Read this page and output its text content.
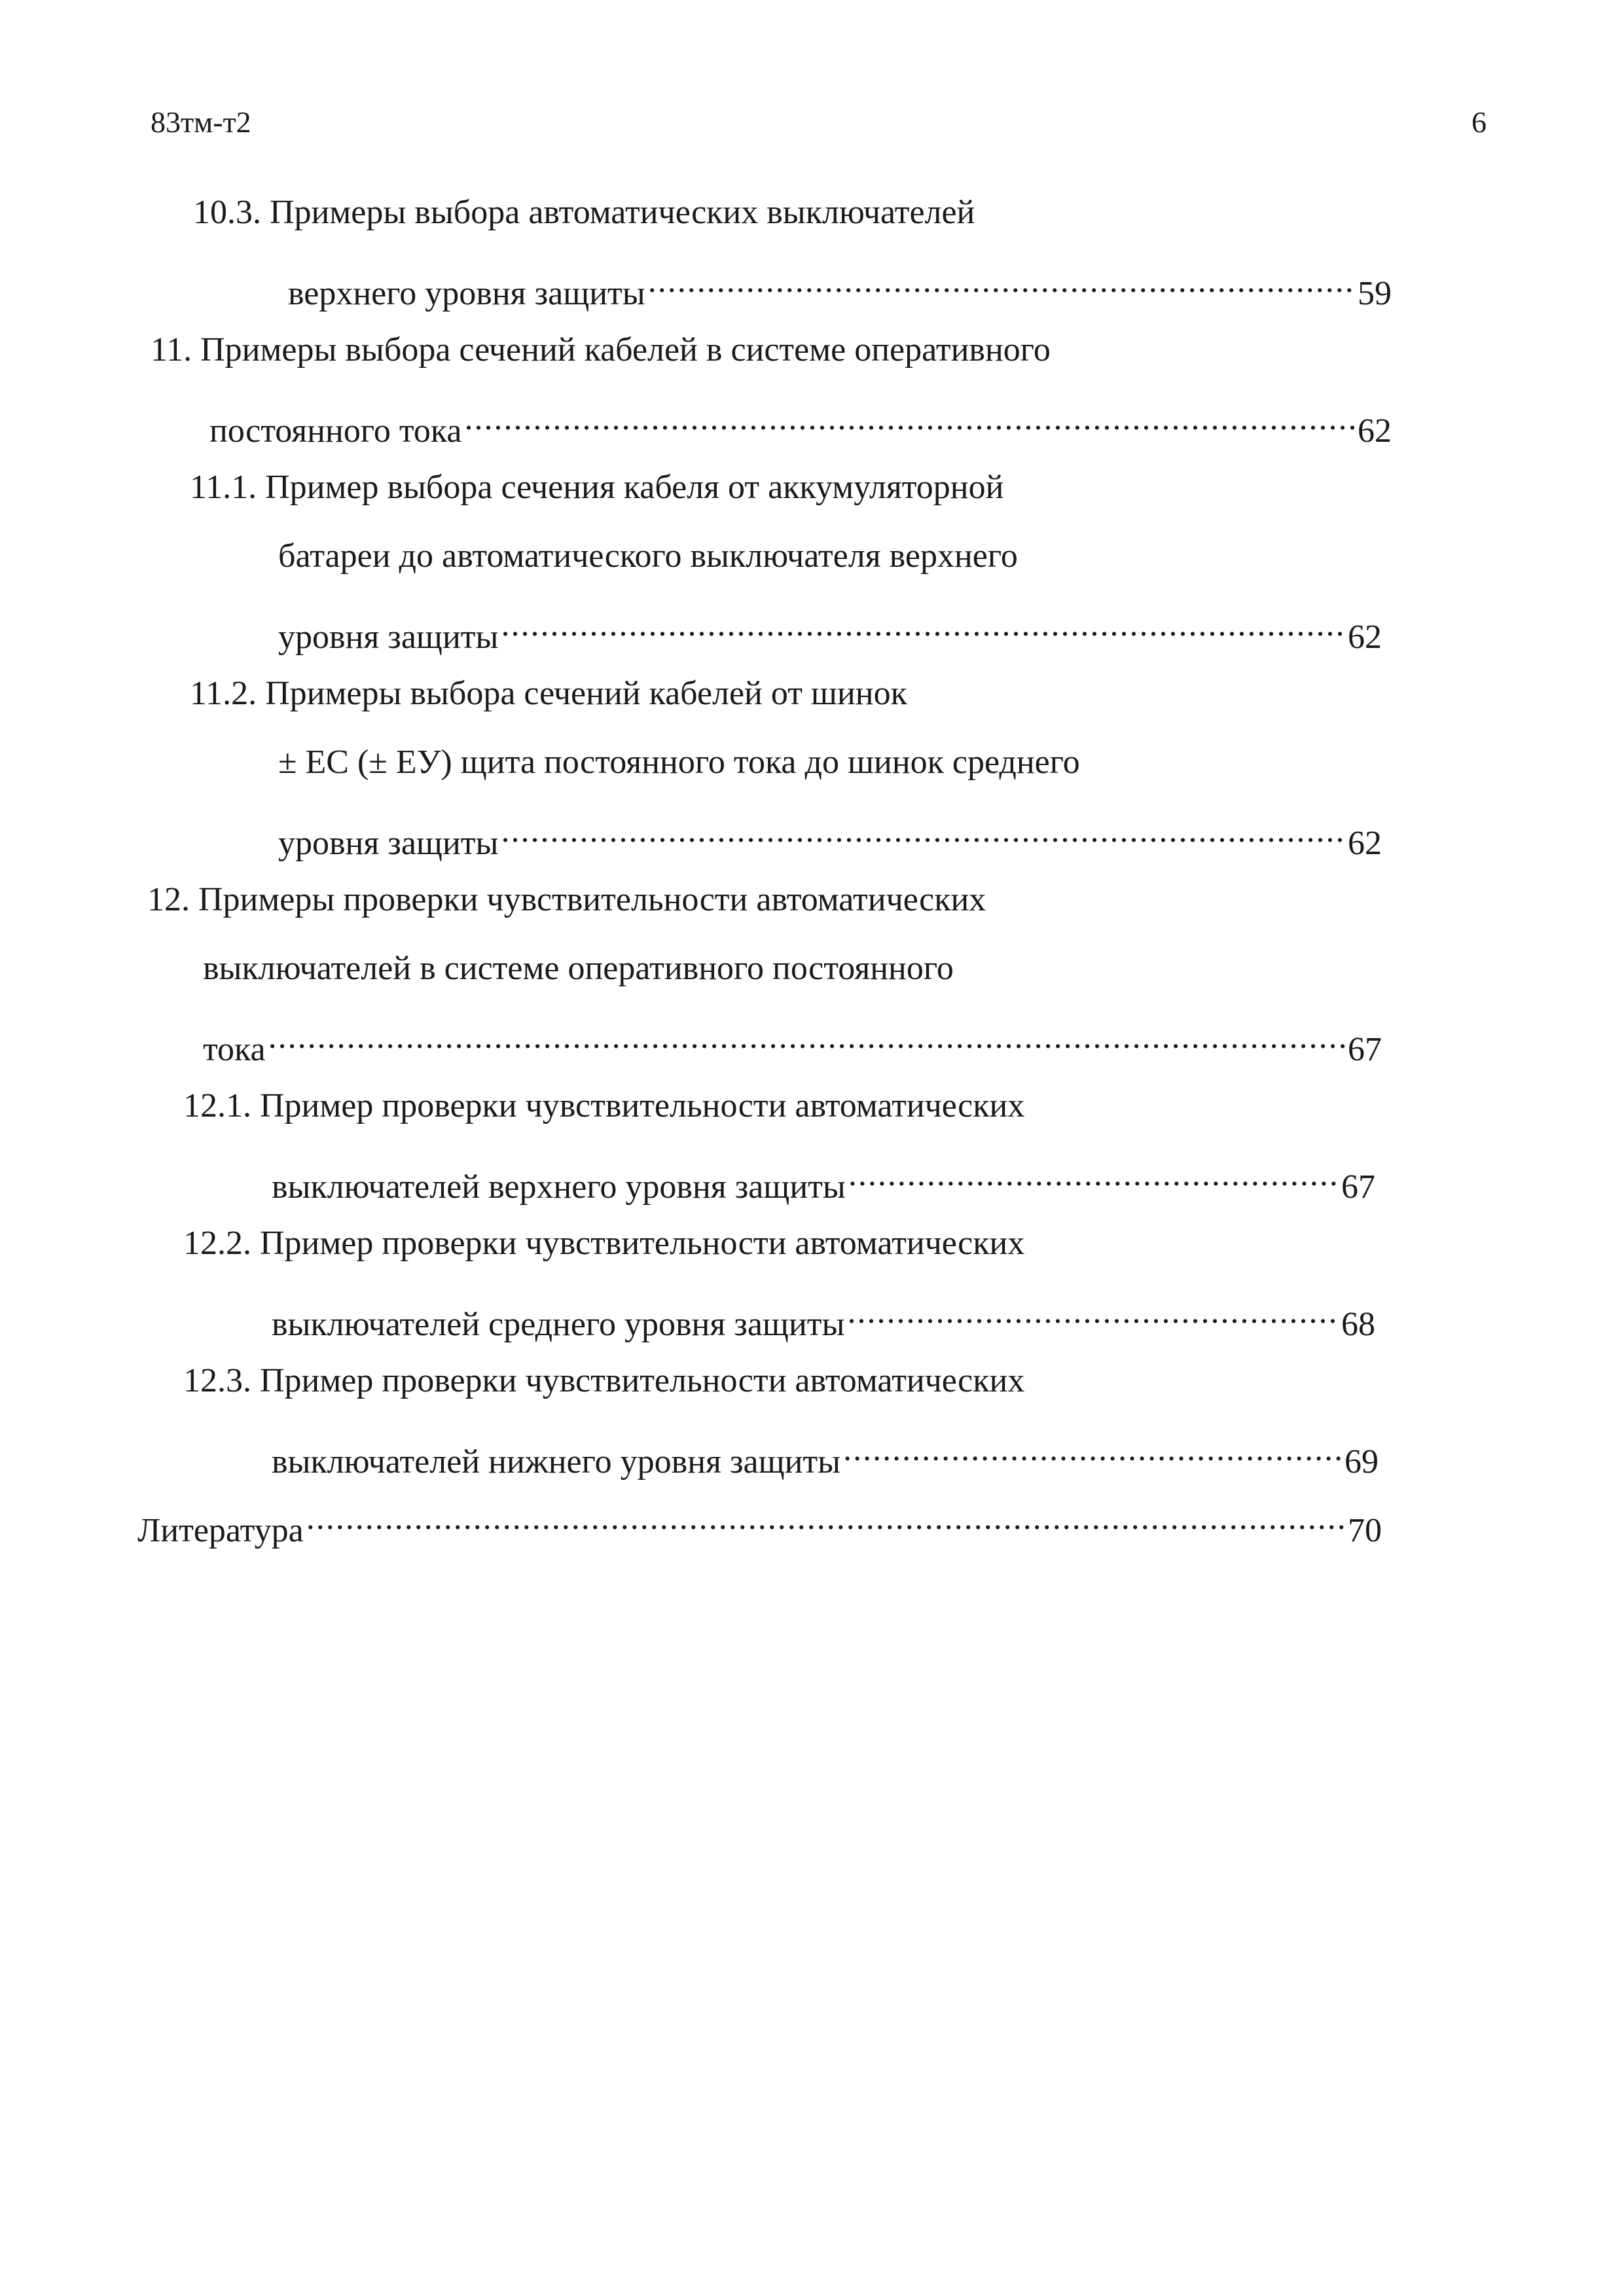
83тм-т2	6
10.3. Примеры выбора автоматических выключателей
верхнего уровня защиты .....	59
11. Примеры выбора сечений кабелей в системе оперативного
постоянного тока .....	62
11.1. Пример выбора сечения кабеля от аккумуляторной
батареи до автоматического выключателя верхнего
уровня защиты .....	62
11.2. Примеры выбора сечений кабелей от шинок
± ЕС (± ЕУ) щита постоянного тока до шинок среднего
уровня защиты .....	62
12. Примеры проверки чувствительности автоматических
выключателей в системе оперативного постоянного
тока .....	67
12.1. Пример проверки чувствительности автоматических
выключателей верхнего уровня защиты .....	67
12.2. Пример проверки чувствительности автоматических
выключателей среднего уровня защиты .....	68
12.3. Пример проверки чувствительности автоматических
выключателей нижнего уровня защиты .....	69
Литература .....	70
